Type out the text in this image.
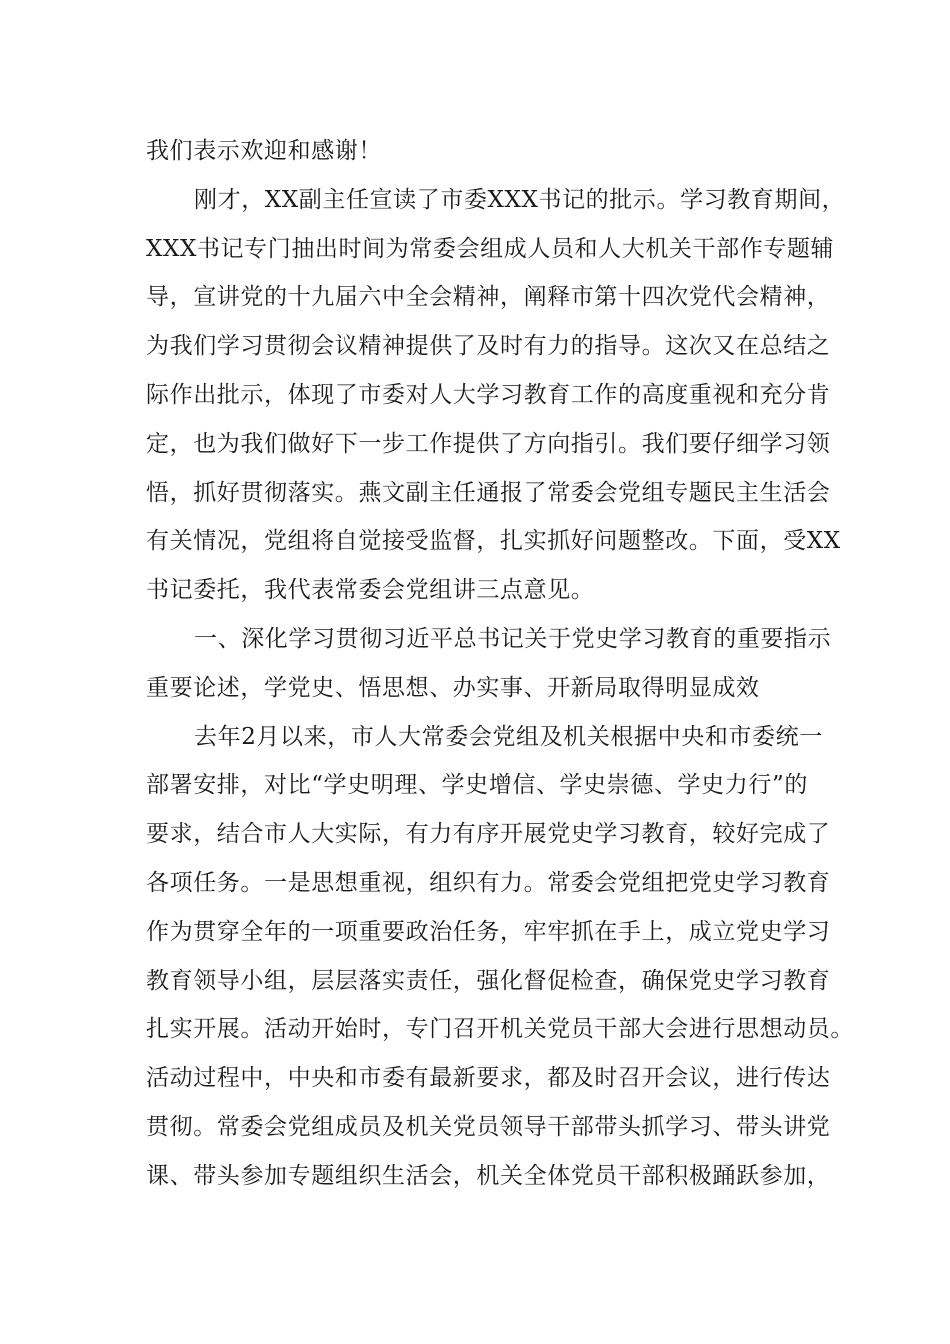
我们表示欢迎和感谢！
刚才，XX副主任宣读了市委XXX书记的批示。学习教育期间，
XXX书记专门抽出时间为常委会组成人员和人大机关干部作专题辅
导，宣讲党的十九届六中全会精神，阐释市第十四次党代会精神，
为我们学习贯彻会议精神提供了及时有力的指导。这次又在总结之
际作出批示，体现了市委对人大学习教育工作的高度重视和充分肯
定，也为我们做好下一步工作提供了方向指引。我们要仔细学习领
悟，抓好贯彻落实。燕文副主任通报了常委会党组专题民主生活会
有关情况，党组将自觉接受监督，扎实抓好问题整改。下面，受XX
书记委托，我代表常委会党组讲三点意见。
一、深化学习贯彻习近平总书记关于党史学习教育的重要指示
重要论述，学党史、悟思想、办实事、开新局取得明显成效
去年2月以来，市人大常委会党组及机关根据中央和市委统一
部署安排，对比“学史明理、学史增信、学史崇德、学史力行”的
要求，结合市人大实际，有力有序开展党史学习教育，较好完成了
各项任务。一是思想重视，组织有力。常委会党组把党史学习教育
作为贯穿全年的一项重要政治任务，牢牢抓在手上，成立党史学习
教育领导小组，层层落实责任，强化督促检查，确保党史学习教育
扎实开展。活动开始时，专门召开机关党员干部大会进行思想动员。
活动过程中，中央和市委有最新要求，都及时召开会议，进行传达
贯彻。常委会党组成员及机关党员领导干部带头抓学习、带头讲党
课、带头参加专题组织生活会，机关全体党员干部积极踊跃参加，
